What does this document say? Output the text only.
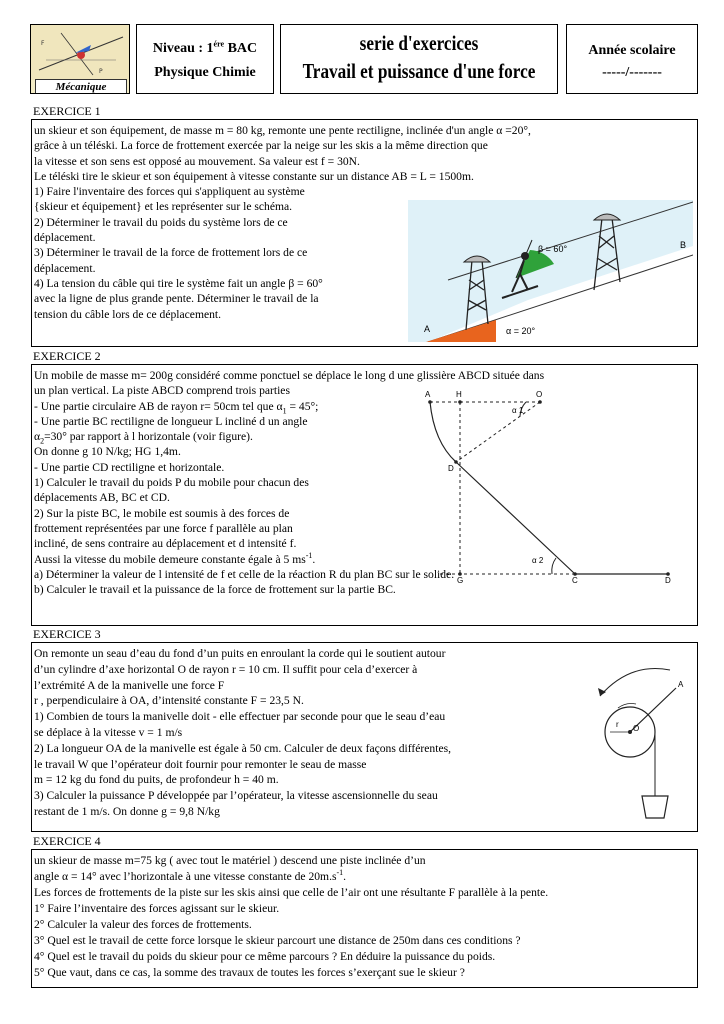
F
P
Mécanique
Niveau : $1^{ére}$ BAC
Physique Chimie
serie d'exercices
Travail et puissance d'une force
Année scolaire
-----/-------
EXERCICE 1
un skieur et son équipement, de masse m = 80 kg, remonte une pente rectiligne, inclinée d'un angle α =20°,
grâce à un téléski. La force de frottement exercée par la neige sur les skis a la même direction que
la vitesse et son sens est opposé au mouvement. Sa valeur est f = 30N.
Le téléski tire le skieur et son équipement à vitesse constante sur un distance AB = L = 1500m.
1) Faire l'inventaire des forces qui s'appliquent au système
{skieur et équipement} et les représenter sur le schéma.
2) Déterminer le travail du poids du système lors de ce
déplacement.
3) Déterminer le travail de la force de frottement lors de ce
déplacement.
4) La tension du câble qui tire le système fait un angle β = 60°
avec la ligne de plus grande pente. Déterminer le travail de la
tension du câble lors de ce déplacement.
β = 60°
α = 20°
A
B
EXERCICE 2
Un mobile de masse m= 200g considéré comme ponctuel se déplace le long d une glissière ABCD située dans
un plan vertical. La piste ABCD comprend trois parties
- Une partie circulaire AB de rayon r= 50cm tel que $\alpha_1 = 45^\circ$;
- Une partie BC rectiligne de longueur L incliné d un angle
$\alpha_2=30^\circ$ par rapport à l horizontale (voir figure).
On donne g 10 N/kg; HG 1,4m.
- Une partie CD rectiligne et horizontale.
1) Calculer le travail du poids P du mobile pour chacun des
déplacements AB, BC et CD.
2) Sur la piste BC, le mobile est soumis à des forces de
frottement représentées par une force f parallèle au plan
incliné, de sens contraire au déplacement et d intensité f.
Aussi la vitesse du mobile demeure constante égale à 5 $ms^{-1}$.
a) Déterminer la valeur de l intensité de f et celle de la réaction R du plan BC sur le solide.
b) Calculer le travail et la puissance de la force de frottement sur la partie BC.
A	H	O
D
G	C	D
α 1
α 2
EXERCICE 3
On remonte un seau d’eau du fond d’un puits en enroulant la corde qui le soutient autour
d’un cylindre d’axe horizontal O de rayon r = 10 cm. Il suffit pour cela d’exercer à
l’extrémité A de la manivelle une force F
r , perpendiculaire à OA, d’intensité constante F = 23,5 N.
1) Combien de tours la manivelle doit - elle effectuer par seconde pour que le seau d’eau
se déplace à la vitesse v = 1 m/s
2) La longueur OA de la manivelle est égale à 50 cm. Calculer de deux façons différentes,
le travail W que l’opérateur doit fournir pour remonter le seau de masse
m = 12 kg du fond du puits, de profondeur h = 40 m.
3) Calculer la puissance P développée par l’opérateur, la vitesse ascensionnelle du seau
restant de 1 m/s. On donne g = 9,8 N/kg
A
O
r
EXERCICE 4
un skieur de masse m=75 kg ( avec tout le matériel ) descend une piste inclinée d’un
angle α = 14° avec l’horizontale à une vitesse constante de $20m.s^{-1}$.
Les forces de frottements de la piste sur les skis ainsi que celle de l’air ont une résultante F parallèle à la pente.
1° Faire l’inventaire des forces agissant sur le skieur.
2° Calculer la valeur des forces de frottements.
3° Quel est le travail de cette force lorsque le skieur parcourt une distance de 250m dans ces conditions ?
4° Quel est le travail du poids du skieur pour ce même parcours ? En déduire la puissance du poids.
5° Que vaut, dans ce cas, la somme des travaux de toutes les forces s’exerçant sue le skieur ?
